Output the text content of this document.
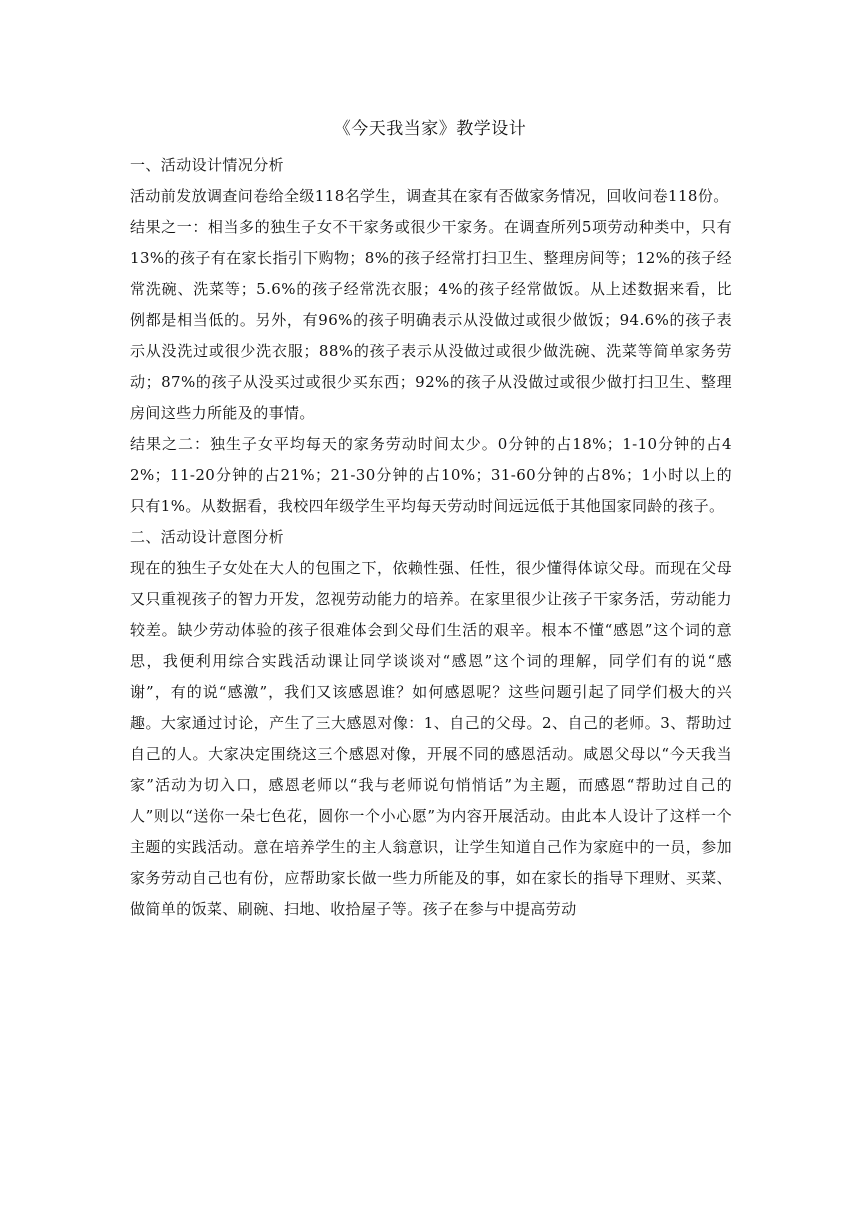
《今天我当家》教学设计
一、活动设计情况分析

活动前发放调查问卷给全级118名学生，调查其在家有否做家务情况，回收问卷118份。

结果之一：相当多的独生子女不干家务或很少干家务。在调查所列5项劳动种类中，只有13%的孩子有在家长指引下购物；8%的孩子经常打扫卫生、整理房间等；12%的孩子经常洗碗、洗菜等；5.6%的孩子经常洗衣服；4%的孩子经常做饭。从上述数据来看，比例都是相当低的。另外，有96%的孩子明确表示从没做过或很少做饭；94.6%的孩子表示从没洗过或很少洗衣服；88%的孩子表示从没做过或很少做洗碗、洗菜等简单家务劳动；87%的孩子从没买过或很少买东西；92%的孩子从没做过或很少做打扫卫生、整理房间这些力所能及的事情。

结果之二：独生子女平均每天的家务劳动时间太少。0分钟的占18%；1-10分钟的占42%；11-20分钟的占21%；21-30分钟的占10%；31-60分钟的占8%；1小时以上的只有1%。从数据看，我校四年级学生平均每天劳动时间远远低于其他国家同龄的孩子。

二、活动设计意图分析

现在的独生子女处在大人的包围之下，依赖性强、任性，很少懂得体谅父母。而现在父母又只重视孩子的智力开发，忽视劳动能力的培养。在家里很少让孩子干家务活，劳动能力较差。缺少劳动体验的孩子很难体会到父母们生活的艰辛。根本不懂“感恩”这个词的意思，我便利用综合实践活动课让同学谈谈对“感恩”这个词的理解，同学们有的说“感谢”，有的说“感激”，我们又该感恩谁？如何感恩呢？这些问题引起了同学们极大的兴趣。大家通过讨论，产生了三大感恩对像：1、自己的父母。2、自己的老师。3、帮助过自己的人。大家决定围绕这三个感恩对像，开展不同的感恩活动。咸恩父母以“今天我当家”活动为切入口，感恩老师以“我与老师说句悄悄话”为主题，而感恩“帮助过自己的人”则以“送你一朵七色花，圆你一个小心愿”为内容开展活动。由此本人设计了这样一个主题的实践活动。意在培养学生的主人翁意识，让学生知道自己作为家庭中的一员，参加家务劳动自己也有份，应帮助家长做一些力所能及的事，如在家长的指导下理财、买菜、做简单的饭菜、刷碗、扫地、收拾屋子等。孩子在参与中提高劳动
